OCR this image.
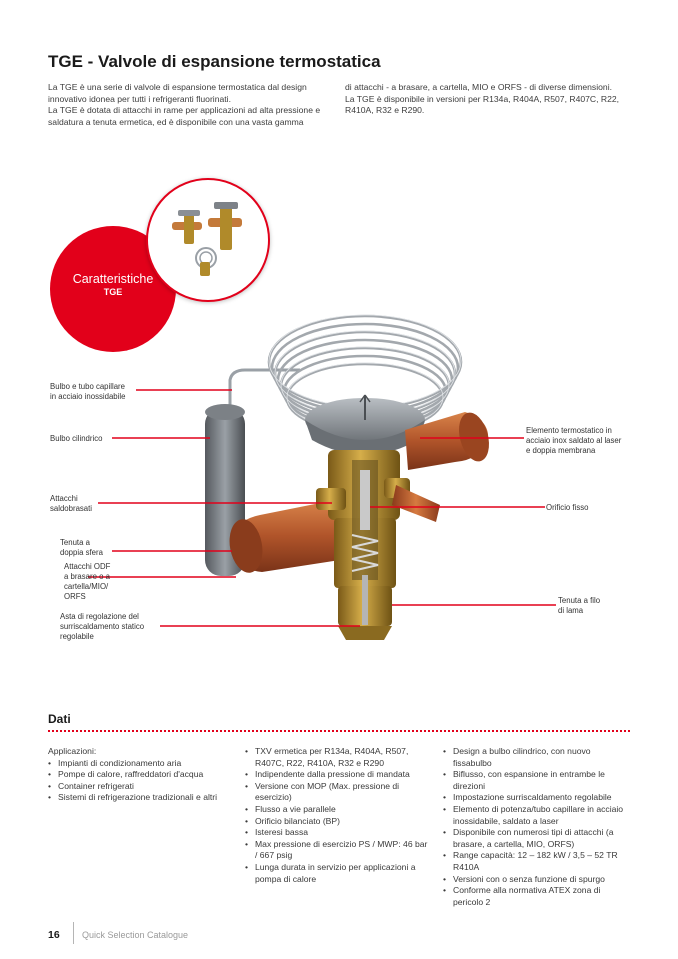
TGE - Valvole di espansione termostatica

La TGE è una serie di valvole di espansione termostatica dal design innovativo idonea per tutti i refrigeranti fluorinati.

La TGE è dotata di attacchi in rame per applicazioni ad alta pressione e saldatura a tenuta ermetica, ed è disponibile con una vasta gamma

di attacchi - a brasare, a cartella, MIO e ORFS - di diverse dimensioni.

La TGE è disponibile in versioni per R134a, R404A, R507, R407C, R22, R410A, R32 e R290.

Caratteristiche
TGE
Bulbo e tubo capillare
in acciaio inossidabile
Bulbo cilindrico
Attacchi
saldobrasati
Tenuta a
doppia sfera
Attacchi ODF
a brasare o a
cartella/MIO/
ORFS
Asta di regolazione del
surriscaldamento statico
regolabile
Elemento termostatico in
acciaio inox saldato al laser
e doppia membrana
Orificio fisso
Tenuta a filo
di lama
Dati

Applicazioni:

• Impianti di condizionamento aria
• Pompe di calore, raffreddatori d'acqua
• Container refrigerati
• Sistemi di refrigerazione tradizionali e altri
• TXV ermetica per R134a, R404A, R507, R407C, R22, R410A, R32 e R290
• Indipendente dalla pressione di mandata
• Versione con MOP (Max. pressione di esercizio)
• Flusso a vie parallele
• Orificio bilanciato (BP)
• Isteresi bassa
• Max pressione di esercizio PS / MWP: 46 bar / 667 psig
• Lunga durata in servizio per applicazioni a pompa di calore
• Design a bulbo cilindrico, con nuovo fissabulbo
• Biflusso, con espansione in entrambe le direzioni
• Impostazione surriscaldamento regolabile
• Elemento di potenza/tubo capillare in acciaio inossidabile, saldato a laser
• Disponibile con numerosi tipi di attacchi (a brasare, a cartella, MIO, ORFS)
• Range capacità: 12 – 182 kW / 3,5 – 52 TR R410A
• Versioni con o senza funzione di spurgo
• Conforme alla normativa ATEX zona di pericolo 2
16 Quick Selection Catalogue
